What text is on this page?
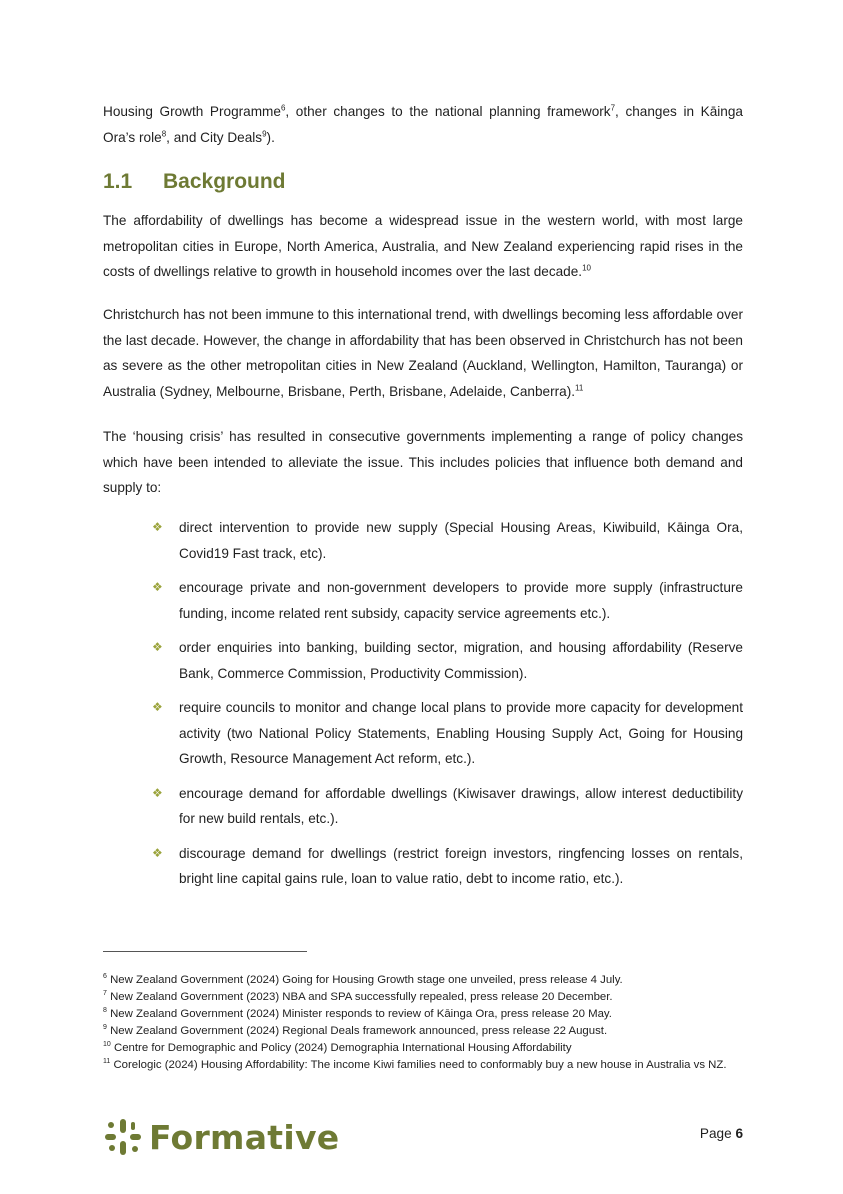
Housing Growth Programme$^6$, other changes to the national planning framework$^7$, changes in Kāinga Ora’s role$^8$, and City Deals$^9$).
1.1 Background
The affordability of dwellings has become a widespread issue in the western world, with most large metropolitan cities in Europe, North America, Australia, and New Zealand experiencing rapid rises in the costs of dwellings relative to growth in household incomes over the last decade.$^{10}$
Christchurch has not been immune to this international trend, with dwellings becoming less affordable over the last decade. However, the change in affordability that has been observed in Christchurch has not been as severe as the other metropolitan cities in New Zealand (Auckland, Wellington, Hamilton, Tauranga) or Australia (Sydney, Melbourne, Brisbane, Perth, Brisbane, Adelaide, Canberra).$^{11}$
The ‘housing crisis’ has resulted in consecutive governments implementing a range of policy changes which have been intended to alleviate the issue. This includes policies that influence both demand and supply to:
❖ direct intervention to provide new supply (Special Housing Areas, Kiwibuild, Kāinga Ora, Covid19 Fast track, etc).
❖ encourage private and non-government developers to provide more supply (infrastructure funding, income related rent subsidy, capacity service agreements etc.).
❖ order enquiries into banking, building sector, migration, and housing affordability (Reserve Bank, Commerce Commission, Productivity Commission).
❖ require councils to monitor and change local plans to provide more capacity for development activity (two National Policy Statements, Enabling Housing Supply Act, Going for Housing Growth, Resource Management Act reform, etc.).
❖ encourage demand for affordable dwellings (Kiwisaver drawings, allow interest deductibility for new build rentals, etc.).
❖ discourage demand for dwellings (restrict foreign investors, ringfencing losses on rentals, bright line capital gains rule, loan to value ratio, debt to income ratio, etc.).
$^6$ New Zealand Government (2024) Going for Housing Growth stage one unveiled, press release 4 July.
$^7$ New Zealand Government (2023) NBA and SPA successfully repealed, press release 20 December.
$^8$ New Zealand Government (2024) Minister responds to review of Kāinga Ora, press release 20 May.
$^9$ New Zealand Government (2024) Regional Deals framework announced, press release 22 August.
$^{10}$ Centre for Demographic and Policy (2024) Demographia International Housing Affordability
$^{11}$ Corelogic (2024) Housing Affordability: The income Kiwi families need to conformably buy a new house in Australia vs NZ.
Formative	Page 6
